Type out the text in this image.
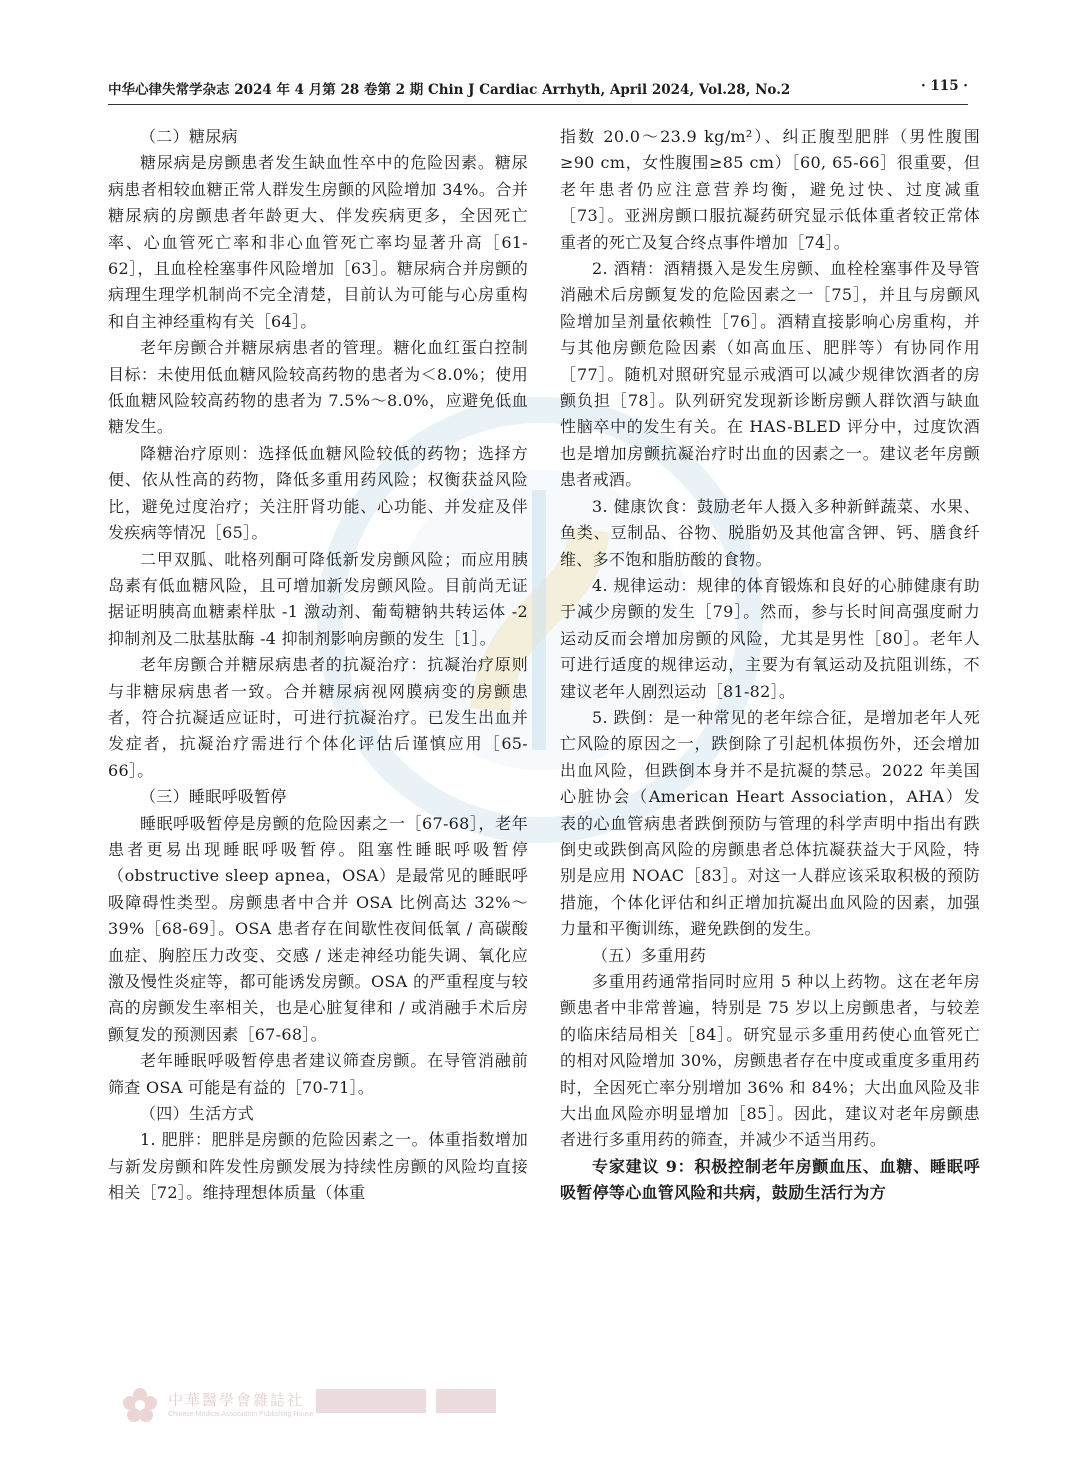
中华心律失常学杂志 2024 年 4 月第 28 卷第 2 期 Chin J Cardiac Arrhyth, April 2024, Vol.28, No.2	· 115 ·

（二）糖尿病

糖尿病是房颤患者发生缺血性卒中的危险因素。糖尿病患者相较血糖正常人群发生房颤的风险增加 34%。合并糖尿病的房颤患者年龄更大、伴发疾病更多，全因死亡率、心血管死亡率和非心血管死亡率均显著升高［61-62］，且血栓栓塞事件风险增加［63］。糖尿病合并房颤的病理生理学机制尚不完全清楚，目前认为可能与心房重构和自主神经重构有关［64］。

老年房颤合并糖尿病患者的管理。糖化血红蛋白控制目标：未使用低血糖风险较高药物的患者为＜8.0%；使用低血糖风险较高药物的患者为 7.5%～8.0%，应避免低血糖发生。

降糖治疗原则：选择低血糖风险较低的药物；选择方便、依从性高的药物，降低多重用药风险；权衡获益风险比，避免过度治疗；关注肝肾功能、心功能、并发症及伴发疾病等情况［65］。

二甲双胍、吡格列酮可降低新发房颤风险；而应用胰岛素有低血糖风险，且可增加新发房颤风险。目前尚无证据证明胰高血糖素样肽 -1 激动剂、葡萄糖钠共转运体 -2 抑制剂及二肽基肽酶 -4 抑制剂影响房颤的发生［1］。

老年房颤合并糖尿病患者的抗凝治疗：抗凝治疗原则与非糖尿病患者一致。合并糖尿病视网膜病变的房颤患者，符合抗凝适应证时，可进行抗凝治疗。已发生出血并发症者，抗凝治疗需进行个体化评估后谨慎应用［65-66］。

（三）睡眠呼吸暂停

睡眠呼吸暂停是房颤的危险因素之一［67-68］，老年患者更易出现睡眠呼吸暂停。阻塞性睡眠呼吸暂停（obstructive sleep apnea，OSA）是最常见的睡眠呼吸障碍性类型。房颤患者中合并 OSA 比例高达 32%～39%［68-69］。OSA 患者存在间歇性夜间低氧 / 高碳酸血症、胸腔压力改变、交感 / 迷走神经功能失调、氧化应激及慢性炎症等，都可能诱发房颤。OSA 的严重程度与较高的房颤发生率相关，也是心脏复律和 / 或消融手术后房颤复发的预测因素［67-68］。

老年睡眠呼吸暂停患者建议筛查房颤。在导管消融前筛查 OSA 可能是有益的［70-71］。

（四）生活方式

1. 肥胖：肥胖是房颤的危险因素之一。体重指数增加与新发房颤和阵发性房颤发展为持续性房颤的风险均直接相关［72］。维持理想体质量（体重

指数 20.0～23.9 kg/m²）、纠正腹型肥胖（男性腹围≥90 cm，女性腹围≥85 cm）［60, 65-66］很重要，但老年患者仍应注意营养均衡，避免过快、过度减重［73］。亚洲房颤口服抗凝药研究显示低体重者较正常体重者的死亡及复合终点事件增加［74］。

2. 酒精：酒精摄入是发生房颤、血栓栓塞事件及导管消融术后房颤复发的危险因素之一［75］，并且与房颤风险增加呈剂量依赖性［76］。酒精直接影响心房重构，并与其他房颤危险因素（如高血压、肥胖等）有协同作用［77］。随机对照研究显示戒酒可以减少规律饮酒者的房颤负担［78］。队列研究发现新诊断房颤人群饮酒与缺血性脑卒中的发生有关。在 HAS-BLED 评分中，过度饮酒也是增加房颤抗凝治疗时出血的因素之一。建议老年房颤患者戒酒。

3. 健康饮食：鼓励老年人摄入多种新鲜蔬菜、水果、鱼类、豆制品、谷物、脱脂奶及其他富含钾、钙、膳食纤维、多不饱和脂肪酸的食物。

4. 规律运动：规律的体育锻炼和良好的心肺健康有助于减少房颤的发生［79］。然而，参与长时间高强度耐力运动反而会增加房颤的风险，尤其是男性［80］。老年人可进行适度的规律运动，主要为有氧运动及抗阻训练，不建议老年人剧烈运动［81-82］。

5. 跌倒：是一种常见的老年综合征，是增加老年人死亡风险的原因之一，跌倒除了引起机体损伤外，还会增加出血风险，但跌倒本身并不是抗凝的禁忌。2022 年美国心脏协会（American Heart Association，AHA）发表的心血管病患者跌倒预防与管理的科学声明中指出有跌倒史或跌倒高风险的房颤患者总体抗凝获益大于风险，特别是应用 NOAC［83］。对这一人群应该采取积极的预防措施，个体化评估和纠正增加抗凝出血风险的因素，加强力量和平衡训练，避免跌倒的发生。

（五）多重用药

多重用药通常指同时应用 5 种以上药物。这在老年房颤患者中非常普遍，特别是 75 岁以上房颤患者，与较差的临床结局相关［84］。研究显示多重用药使心血管死亡的相对风险增加 30%，房颤患者存在中度或重度多重用药时，全因死亡率分别增加 36% 和 84%；大出血风险及非大出血风险亦明显增加［85］。因此，建议对老年房颤患者进行多重用药的筛查，并减少不适当用药。

专家建议 9：积极控制老年房颤血压、血糖、睡眠呼吸暂停等心血管风险和共病，鼓励生活行为方

中華醫學會雜誌社
Chinese Medical Association Publishing House
